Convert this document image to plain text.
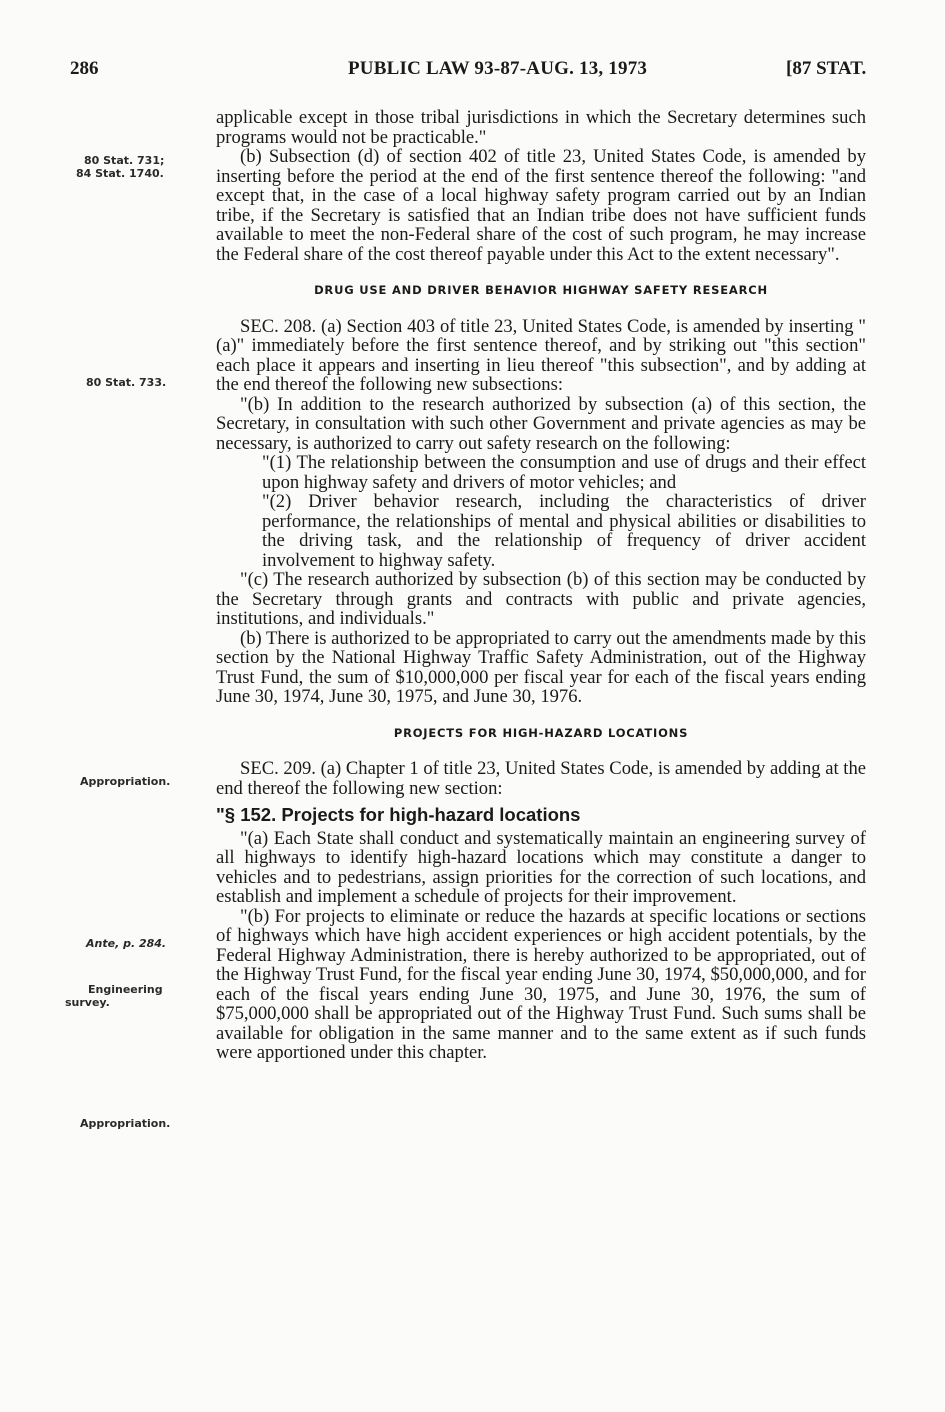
286	PUBLIC LAW 93-87-AUG. 13, 1973	[87 STAT.
80 Stat. 731;
84 Stat. 1740.
80 Stat. 733.
Appropriation.
Ante, p. 284.
Engineering
survey.
Appropriation.

applicable except in those tribal jurisdictions in which the Secretary determines such programs would not be practicable."

(b) Subsection (d) of section 402 of title 23, United States Code, is amended by inserting before the period at the end of the first sentence thereof the following: "and except that, in the case of a local highway safety program carried out by an Indian tribe, if the Secretary is satisfied that an Indian tribe does not have sufficient funds available to meet the non-Federal share of the cost of such program, he may increase the Federal share of the cost thereof payable under this Act to the extent necessary".

DRUG USE AND DRIVER BEHAVIOR HIGHWAY SAFETY RESEARCH

SEC. 208. (a) Section 403 of title 23, United States Code, is amended by inserting "(a)" immediately before the first sentence thereof, and by striking out "this section" each place it appears and inserting in lieu thereof "this subsection", and by adding at the end thereof the following new subsections:

"(b) In addition to the research authorized by subsection (a) of this section, the Secretary, in consultation with such other Government and private agencies as may be necessary, is authorized to carry out safety research on the following:

"(1) The relationship between the consumption and use of drugs and their effect upon highway safety and drivers of motor vehicles; and

"(2) Driver behavior research, including the characteristics of driver performance, the relationships of mental and physical abilities or disabilities to the driving task, and the relationship of frequency of driver accident involvement to highway safety.

"(c) The research authorized by subsection (b) of this section may be conducted by the Secretary through grants and contracts with public and private agencies, institutions, and individuals."

(b) There is authorized to be appropriated to carry out the amendments made by this section by the National Highway Traffic Safety Administration, out of the Highway Trust Fund, the sum of $10,000,000 per fiscal year for each of the fiscal years ending June 30, 1974, June 30, 1975, and June 30, 1976.

PROJECTS FOR HIGH-HAZARD LOCATIONS

SEC. 209. (a) Chapter 1 of title 23, United States Code, is amended by adding at the end thereof the following new section:

"§ 152. Projects for high-hazard locations

"(a) Each State shall conduct and systematically maintain an engineering survey of all highways to identify high-hazard locations which may constitute a danger to vehicles and to pedestrians, assign priorities for the correction of such locations, and establish and implement a schedule of projects for their improvement.

"(b) For projects to eliminate or reduce the hazards at specific locations or sections of highways which have high accident experiences or high accident potentials, by the Federal Highway Administration, there is hereby authorized to be appropriated, out of the Highway Trust Fund, for the fiscal year ending June 30, 1974, $50,000,000, and for each of the fiscal years ending June 30, 1975, and June 30, 1976, the sum of $75,000,000 shall be appropriated out of the Highway Trust Fund. Such sums shall be available for obligation in the same manner and to the same extent as if such funds were apportioned under this chapter.
